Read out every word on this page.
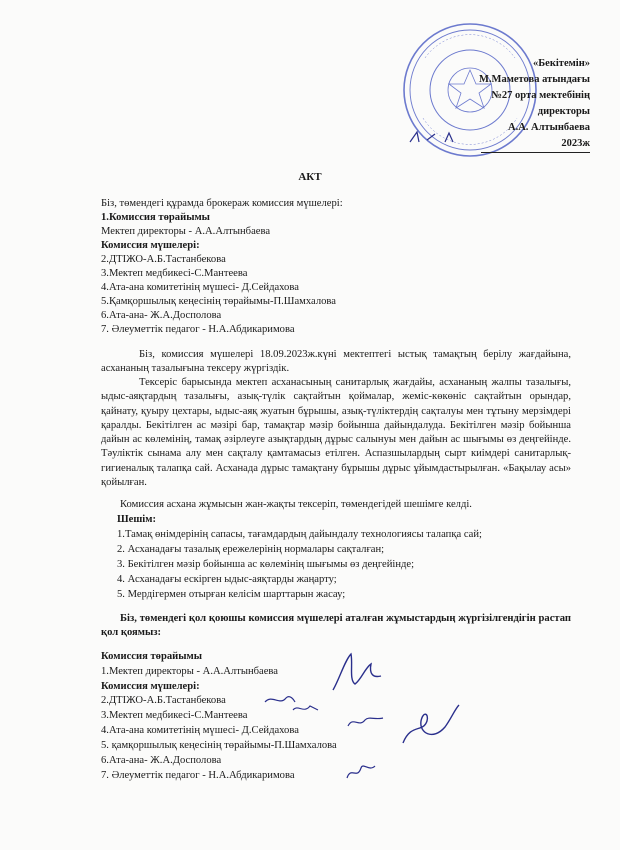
«Бекітемін»
М.Маметова атындағы
№27 орта мектебінің
директоры
А.А. Алтынбаева
2023ж
АКТ
Біз, төмендегі құрамда брокераж комиссия мүшелері:
1.Комиссия төрайымы
Мектеп директоры - А.А.Алтынбаева
Комиссия мүшелері:
2.ДТІЖО-А.Б.Тастанбекова
3.Мектеп медбикесі-С.Мантеева
4.Ата-ана комитетінің мүшесі- Д.Сейдахова
5.Қамқоршылық кеңесінің төрайымы-П.Шамхалова
6.Ата-ана- Ж.А.Досполова
7. Әлеуметтік педагог - Н.А.Абдикаримова
Біз, комиссия мүшелері 18.09.2023ж.күні мектептегі ыстық тамақтың берілу жағдайына, асхананың тазалығына тексеру жүргіздік.
Тексеріс барысында мектеп асханасының санитарлық жағдайы, асхананың жалпы тазалығы, ыдыс-аяқтардың тазалығы, азық-түлік сақтайтын қоймалар, жеміс-көкөніс сақтайтын орындар, қайнату, қуыру цехтары, ыдыс-аяқ жуатын бұрышы, азық-түліктердің сақталуы мен тұтыну мерзімдері қаралды. Бекітілген ас мәзірі бар, тамақтар мәзір бойынша дайындалуда. Бекітілген мәзір бойынша дайын ас көлемінің, тамақ әзірлеуге азықтардың дұрыс салынуы мен дайын ас шығымы өз деңгейінде. Тәуліктік сынама алу мен сақталу қамтамасыз етілген. Аспазшылардың сырт киімдері санитарлық-гигиеналық талапқа сай. Асханада дұрыс тамақтану бұрышы дұрыс ұйымдастырылған. «Бақылау асы» қойылған.
Комиссия асхана жұмысын жан-жақты тексеріп, төмендегідей шешімге келді.
Шешім:
1.Тамақ өнімдерінің сапасы, тағамдардың дайындалу технологиясы талапқа сай;
2. Асханадағы тазалық ережелерінің нормалары сақталған;
3. Бекітілген мәзір бойынша ас көлемінің шығымы өз деңгейінде;
4. Асханадағы ескірген ыдыс-аяқтарды жаңарту;
5. Мердігермен отырған келісім шарттарын жасау;
Біз, төмендегі қол қоюшы комиссия мүшелері аталған жұмыстардың жүргізілгендігін растап қол қоямыз:
Комиссия төрайымы
1.Мектеп директоры - А.А.Алтынбаева
Комиссия мүшелері:
2.ДТІЖО-А.Б.Тастанбекова
3.Мектеп медбикесі-С.Мантеева
4.Ата-ана комитетінің мүшесі- Д.Сейдахова
5. қамқоршылық кеңесінің төрайымы-П.Шамхалова
6.Ата-ана- Ж.А.Досполова
7. Әлеуметтік педагог - Н.А.Абдикаримова
